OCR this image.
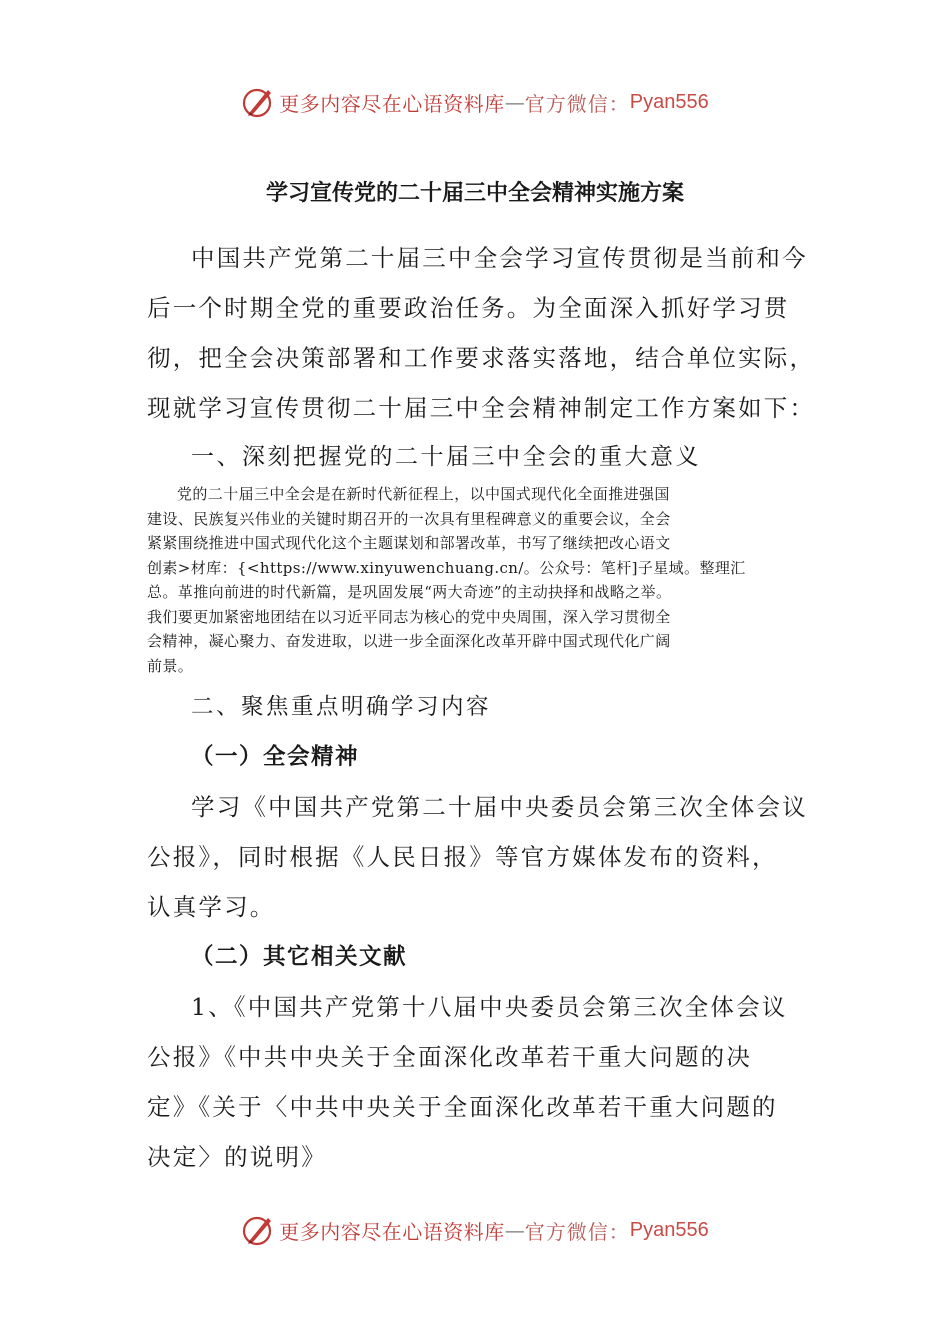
更多内容尽在心语资料库 — 官方微信： Pyan556
学习宣传党的二十届三中全会精神实施方案
中国共产党第二十届三中全会学习宣传贯彻是当前和今
后一个时期全党的重要政治任务。为全面深入抓好学习贯
彻，把全会决策部署和工作要求落实落地，结合单位实际，
现就学习宣传贯彻二十届三中全会精神制定工作方案如下：
一、深刻把握党的二十届三中全会的重大意义
党的二十届三中全会是在新时代新征程上，以中国式现代化全面推进强国
建设、民族复兴伟业的关键时期召开的一次具有里程碑意义的重要会议，全会
紧紧围绕推进中国式现代化这个主题谋划和部署改革，书写了继续把改心语文
创素>材库：{<https://www.xinyuwenchuang.cn/。公众号：笔杆]子星域。整理汇
总。革推向前进的时代新篇，是巩固发展“两大奇迹”的主动抉择和战略之举。
我们要更加紧密地团结在以习近平同志为核心的党中央周围，深入学习贯彻全
会精神，凝心聚力、奋发进取，以进一步全面深化改革开辟中国式现代化广阔
前景。
二、聚焦重点明确学习内容
（一）全会精神
学习《中国共产党第二十届中央委员会第三次全体会议
公报》，同时根据《人民日报》等官方媒体发布的资料，
认真学习。
（二）其它相关文献
1、《中国共产党第十八届中央委员会第三次全体会议
公报》《中共中央关于全面深化改革若干重大问题的决
定》《关于〈中共中央关于全面深化改革若干重大问题的
决定〉的说明》
更多内容尽在心语资料库 — 官方微信： Pyan556
